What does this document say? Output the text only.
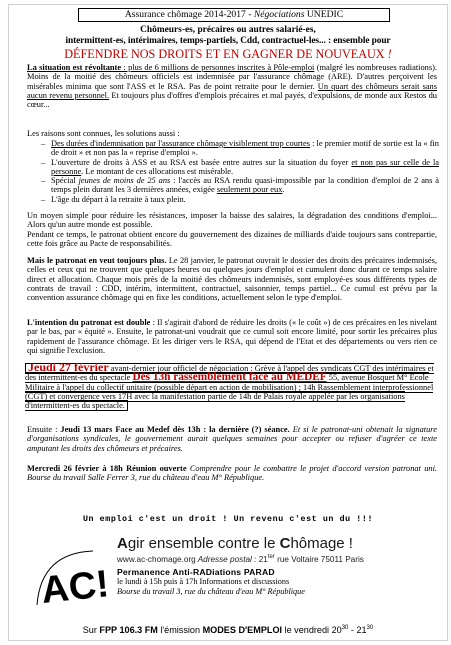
Assurance chômage 2014-2017 - Négociations UNEDIC
Chômeurs-es, précaires ou autres salarié-es,
intermittent-es, intérimaires, temps-partiels, Cdd, contractuel-les... : ensemble pour
DÉFENDRE NOS DROITS ET EN GAGNER DE NOUVEAUX !
La situation est révoltante : plus de 6 millions de personnes inscrites à Pôle-emploi (malgré les nombreuses radiations). Moins de la moitié des chômeurs officiels est indemnisée par l'assurance chômage (ARE). D'autres perçoivent les misérables minima que sont l'ASS et le RSA. Pas de point retraite pour le dernier. Un quart des chômeurs serait sans aucun revenu personnel. Et toujours plus d'offres d'emplois précaires et mal payés, d'expulsions, de monde aux Restos du cœur...
Les raisons sont connues, les solutions aussi :
– Des durées d'indemnisation par l'assurance chômage visiblement trop courtes : le premier motif de sortie est la « fin de droit » et non pas la « reprise d'emploi ».
– L'ouverture de droits à ASS et au RSA est basée entre autres sur la situation du foyer et non pas sur celle de la personne. Le montant de ces allocations est misérable.
– Spécial jeunes de moins de 25 ans : l'accès au RSA rendu quasi-impossible par la condition d'emploi de 2 ans à temps plein durant les 3 dernières années, exigée seulement pour eux.
– L'âge du départ à la retraite à taux plein.
Un moyen simple pour réduire les résistances, imposer la baisse des salaires, la dégradation des conditions d'emploi... Alors qu'un autre monde est possible.
Pendant ce temps, le patronat obtient encore du gouvernement des dizaines de milliards d'aide toujours sans contrepartie, cette fois grâce au Pacte de responsabilités.
Mais le patronat en veut toujours plus. Le 28 janvier, le patronat ouvrait le dossier des droits des précaires indemnisés, celles et ceux qui ne trouvent que quelques heures ou quelques jours d'emploi et cumulent donc durant ce temps salaire direct et allocation. Chaque mois près de la moitié des chômeurs indemnisés, sont employé-es sous différents types de contrats de travail : CDD, intérim, intermittent, contractuel, saisonnier, temps partiel... Ce cumul est prévu par la convention assurance chômage qui en fixe les conditions, actuellement selon le type d'emploi.
L'intention du patronat est double : Il s'agirait d'abord de réduire les droits (« le coût ») de ces précaires en les nivelant par le bas, par « équité ». Ensuite, le patronat-uni voudrait que ce cumul soit encore limité, pour sortir les précaires plus rapidement de l'assurance chômage. Et les diriger vers le RSA, qui dépend de l'Etat et des départements ou vers rien ce qui signifie l'exclusion.
Jeudi 27 février avant-dernier jour officiel de négociation : Grève à l'appel des syndicats CGT des intérimaires et des intermittent-es du spectacle Dès 13h rassemblement face au MEDEF 55, avenue Bosquet M° Ecole Militaire à l'appel du collectif unitaire (possible départ en action de mobilisation) ; 14h Rassemblement interprofessionnel (CGT) et convergence vers 17H avec la manifestation partie de 14h de Palais royale appelée par les organisations d'intermittent-es du spectacle.
Ensuite : Jeudi 13 mars Face au Medef dès 13h : la dernière (?) séance. Et si le patronat-uni obtenait la signature d'organisations syndicales, le gouvernement aurait quelques semaines pour accepter ou refuser d'agréer ce texte amputant les droits des chômeurs et précaires.
Mercredi 26 février à 18h Réunion ouverte Comprendre pour le combattre le projet d'accord version patronat uni. Bourse du travail Salle Ferrer 3, rue du château d'eau M° République.
Un emploi c'est un droit ! Un revenu c'est un du !!!
AC!
Agir ensemble contre le Chômage !
www.ac-chomage.org Adresse postal : $21^{ter}$ rue Voltaire 75011 Paris
Permanence Anti-RADiations PARAD
le lundi à 15h puis à 17h Informations et discussions
Bourse du travail 3, rue du château d'eau M° République
Sur FPP 106.3 FM l'émission MODES D'EMPLOI le vendredi $20^{30} - 21^{30}$
